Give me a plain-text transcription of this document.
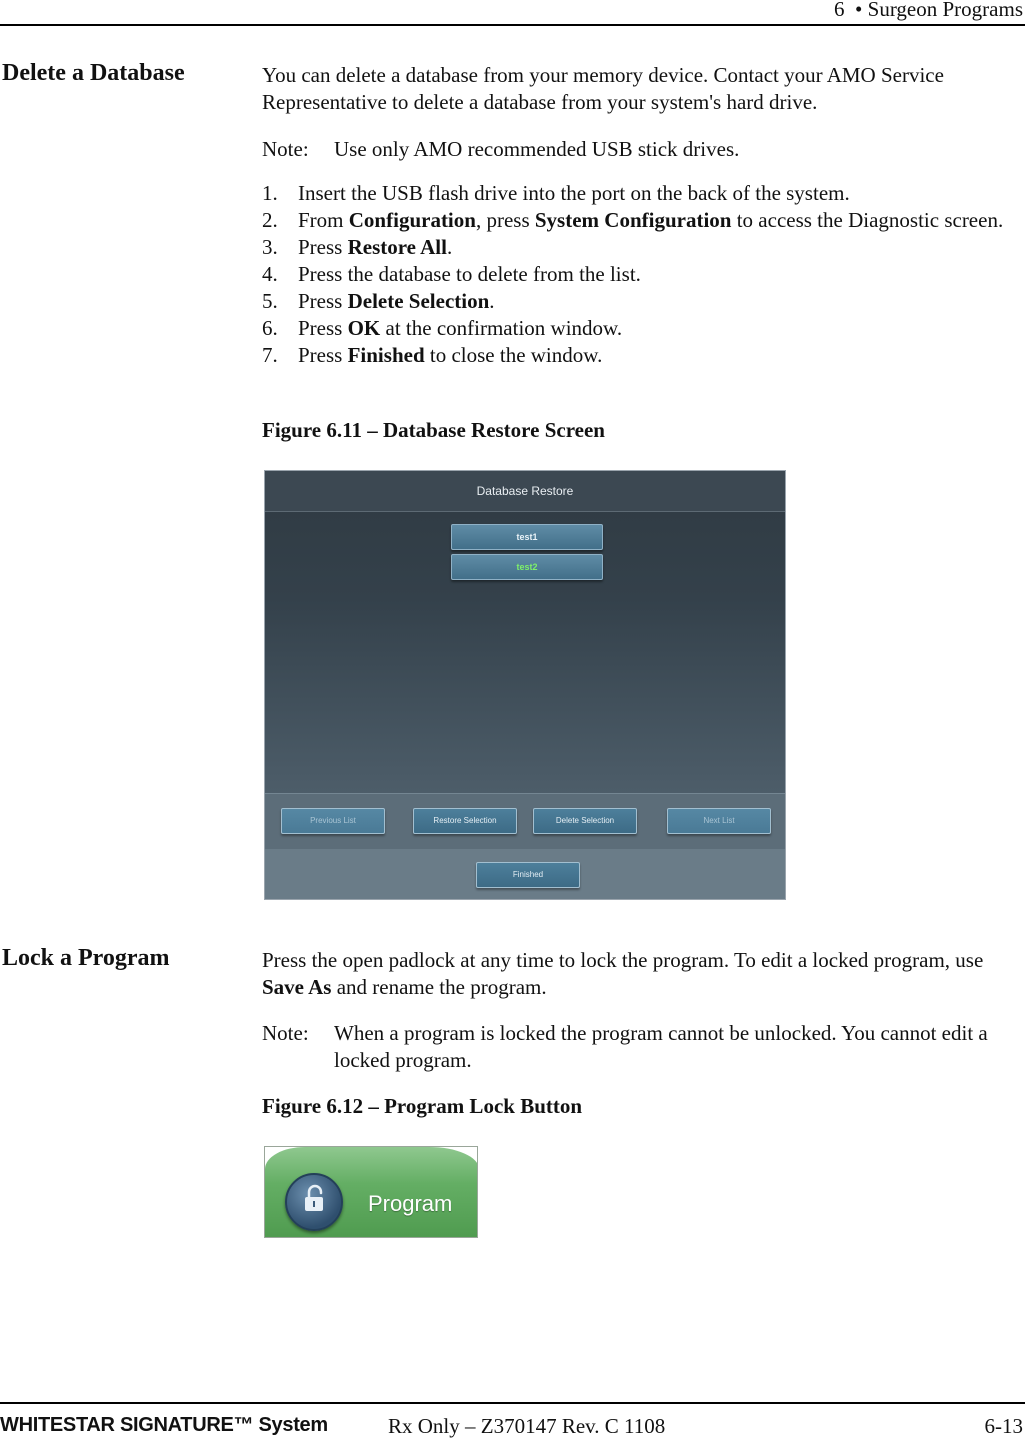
6 • Surgeon Programs
Delete a Database	You can delete a database from your memory device. Contact your AMO Service Representative to delete a database from your system's hard drive.
Note: Use only AMO recommended USB stick drives.
1. Insert the USB flash drive into the port on the back of the system.
2. From Configuration, press System Configuration to access the Diagnostic screen.
3. Press Restore All.
4. Press the database to delete from the list.
5. Press Delete Selection.
6. Press OK at the confirmation window.
7. Press Finished to close the window.
Figure 6.11 – Database Restore Screen
Database Restore
test1
test2
Previous List	Restore Selection	Delete Selection	Next List
Finished
Lock a Program	Press the open padlock at any time to lock the program. To edit a locked program, use Save As and rename the program.
Note: When a program is locked the program cannot be unlocked. You cannot edit a locked program.
Figure 6.12 – Program Lock Button
Program
WHITESTAR SIGNATURE™ System	Rx Only – Z370147 Rev. C 1108	6-13
